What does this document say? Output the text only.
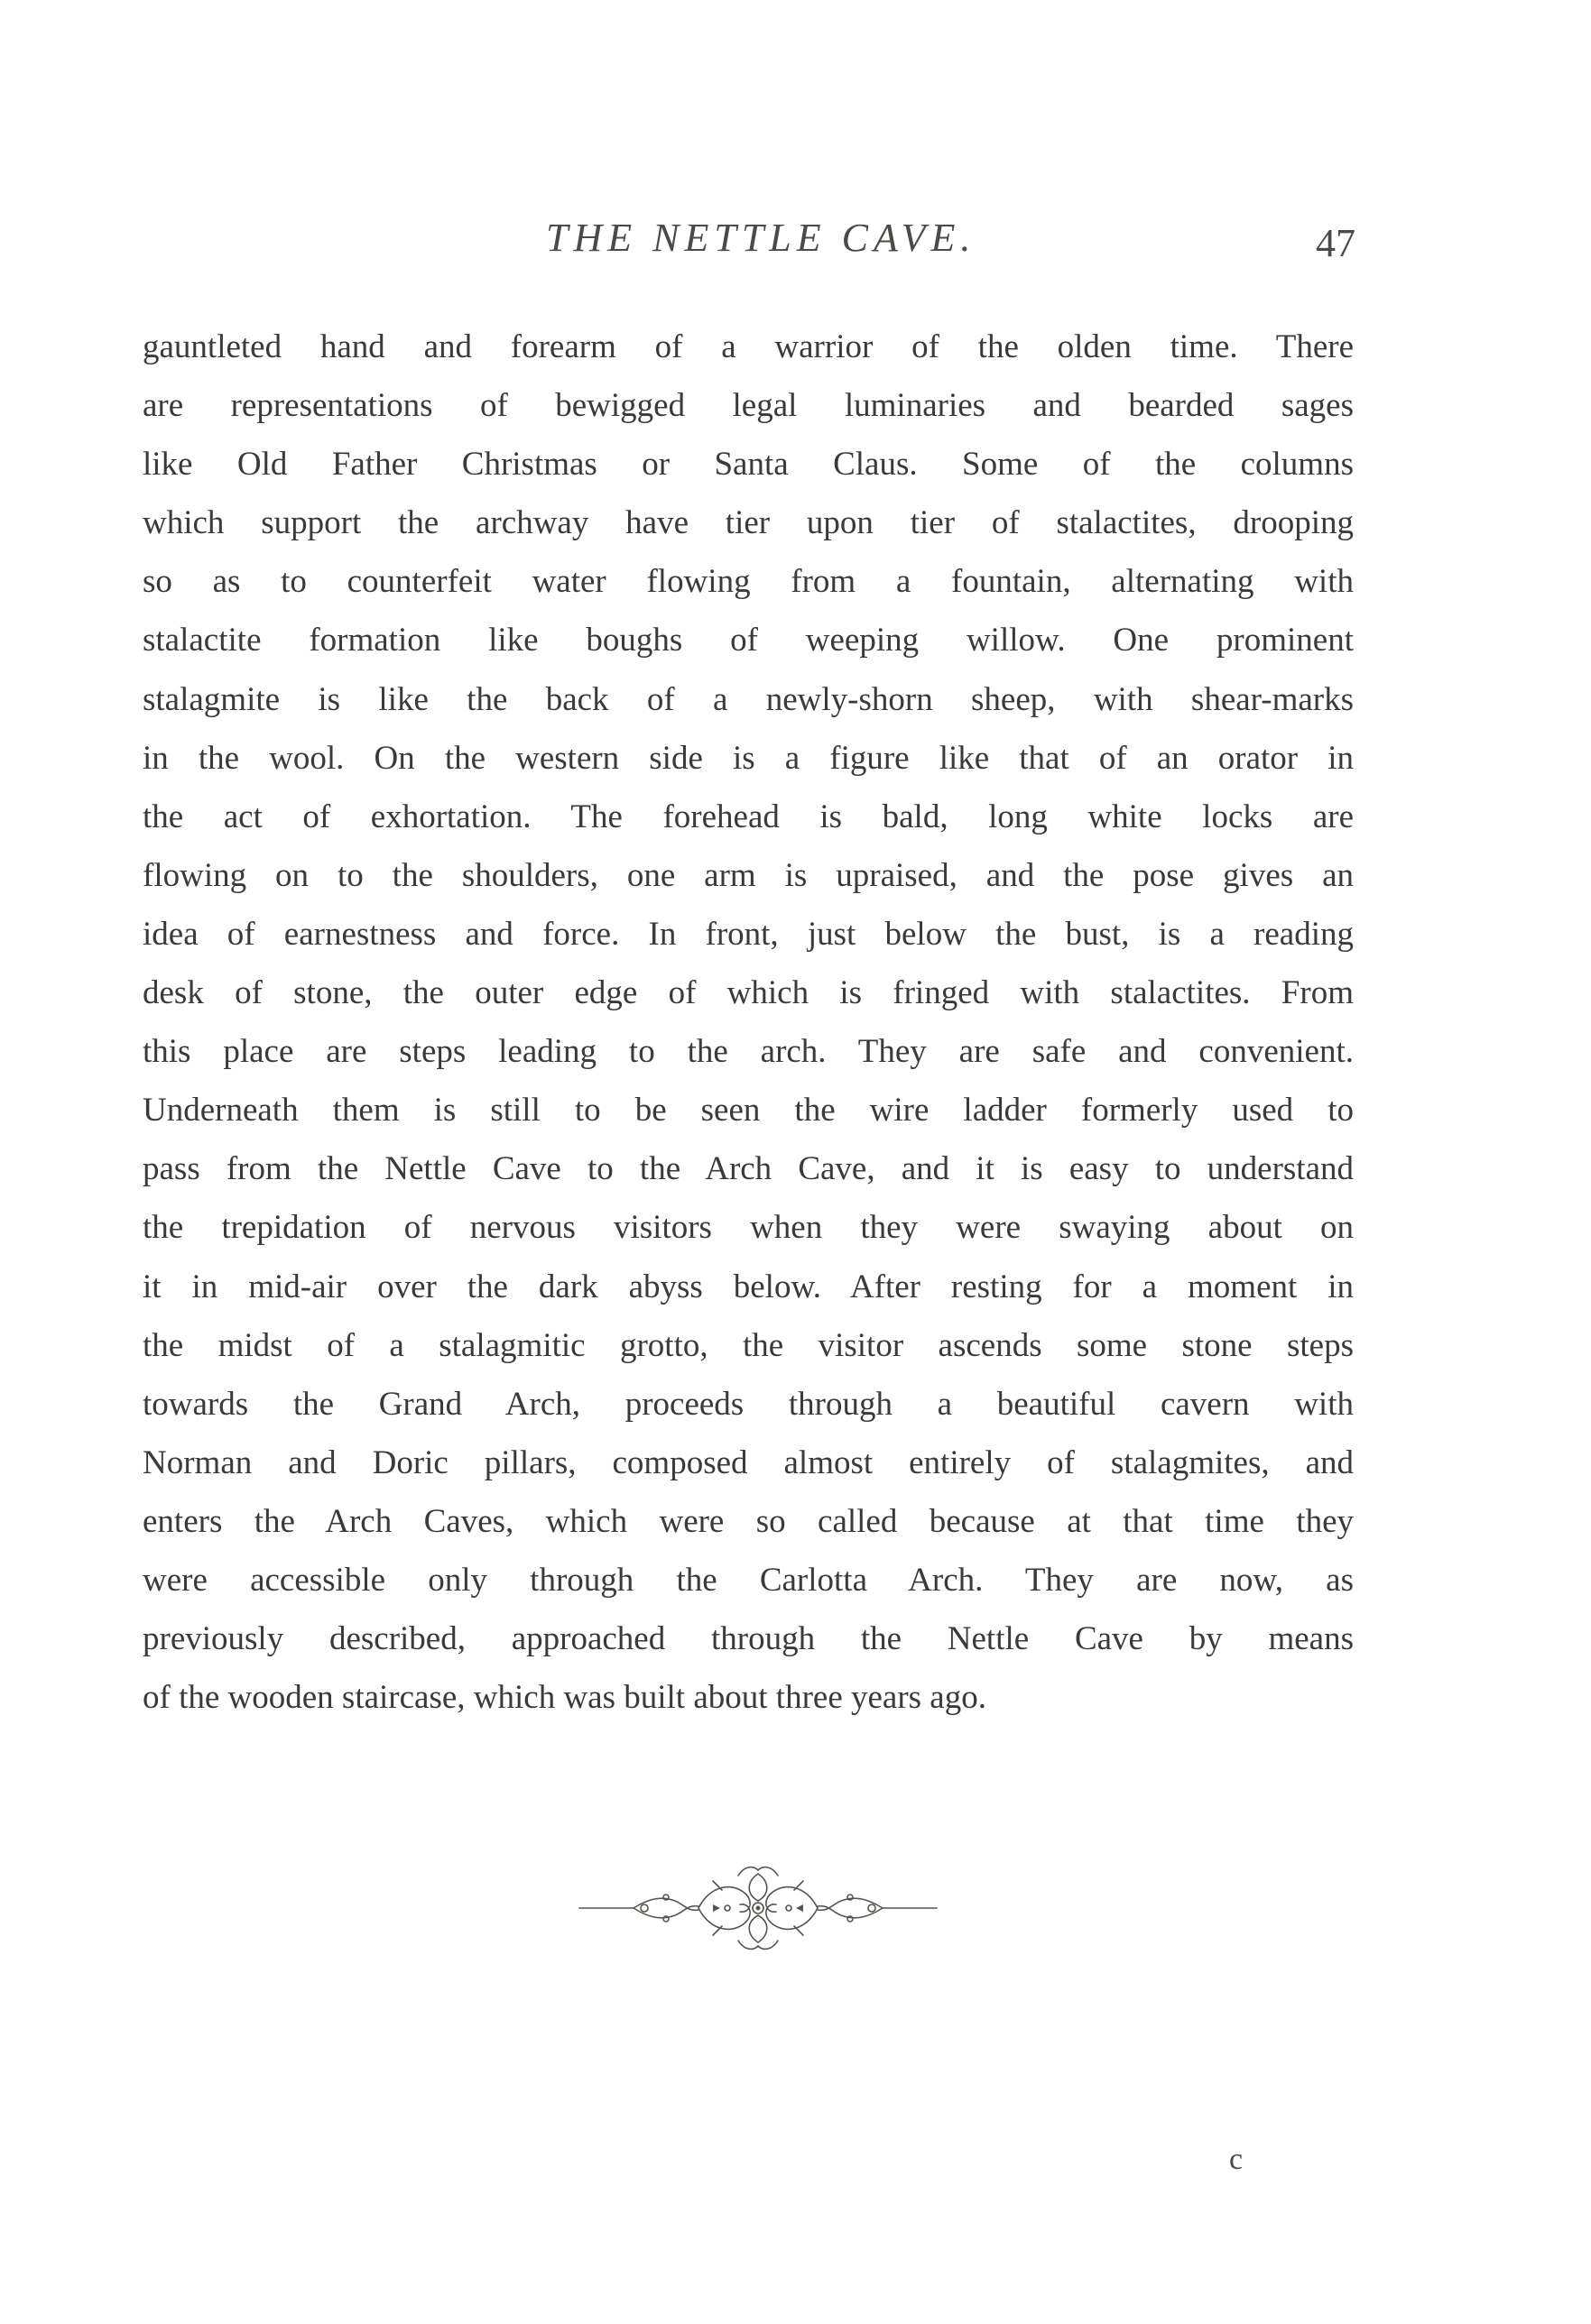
THE NETTLE CAVE.	47

gauntleted hand and forearm of a warrior of the olden time. There
are representations of bewigged legal luminaries and bearded sages
like Old Father Christmas or Santa Claus. Some of the columns
which support the archway have tier upon tier of stalactites, drooping
so as to counterfeit water flowing from a fountain, alternating with
stalactite formation like boughs of weeping willow. One prominent
stalagmite is like the back of a newly-shorn sheep, with shear-marks
in the wool. On the western side is a figure like that of an orator in
the act of exhortation. The forehead is bald, long white locks are
flowing on to the shoulders, one arm is upraised, and the pose gives an
idea of earnestness and force. In front, just below the bust, is a reading
desk of stone, the outer edge of which is fringed with stalactites. From
this place are steps leading to the arch. They are safe and convenient.
Underneath them is still to be seen the wire ladder formerly used to
pass from the Nettle Cave to the Arch Cave, and it is easy to understand
the trepidation of nervous visitors when they were swaying about on
it in mid-air over the dark abyss below. After resting for a moment in
the midst of a stalagmitic grotto, the visitor ascends some stone steps
towards the Grand Arch, proceeds through a beautiful cavern with
Norman and Doric pillars, composed almost entirely of stalagmites, and
enters the Arch Caves, which were so called because at that time they
were accessible only through the Carlotta Arch. They are now, as
previously described, approached through the Nettle Cave by means
of the wooden staircase, which was built about three years ago.

c
